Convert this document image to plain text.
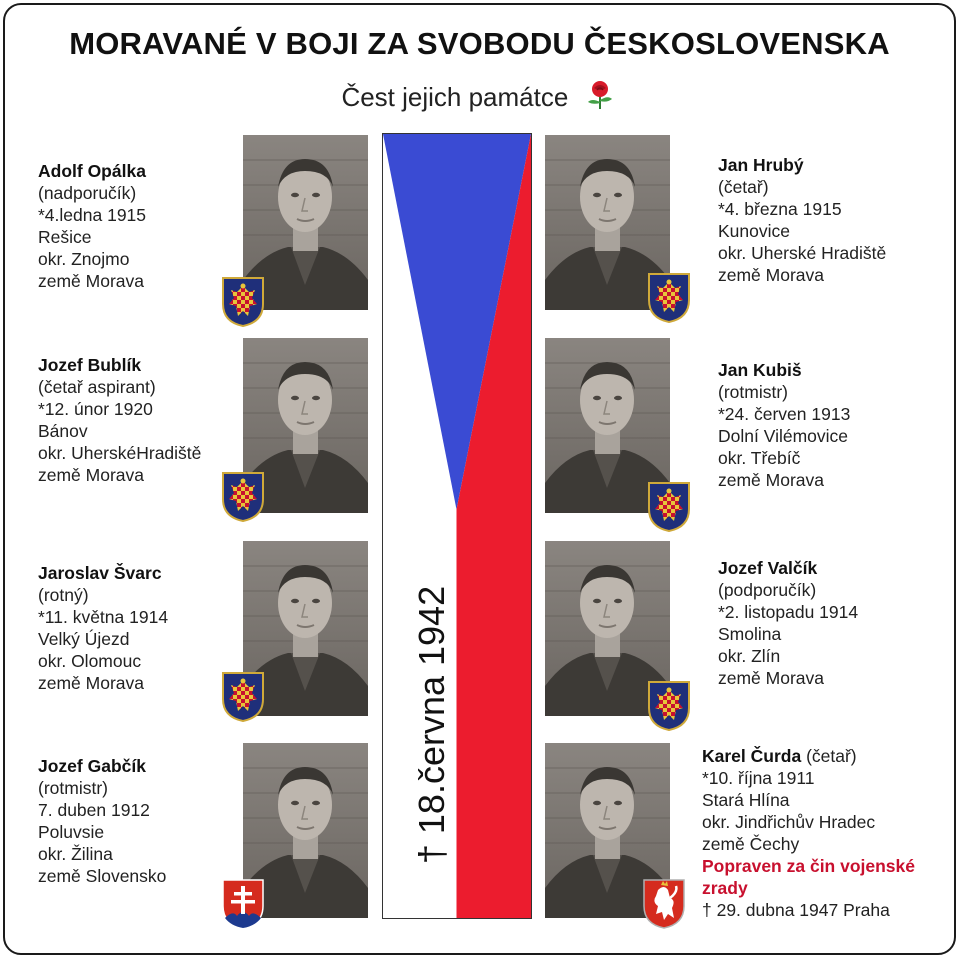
MORAVANÉ V BOJI ZA SVOBODU ČESKOSLOVENSKA
Čest jejich památce
† 18.června 1942
Adolf Opálka
(nadporučík)
*4.ledna 1915
Rešice
okr. Znojmo
země Morava
Jozef Bublík
(četař aspirant)
*12. únor 1920
Bánov
okr. UherskéHradiště
země Morava
Jaroslav Švarc
(rotný)
*11. května 1914
Velký Újezd
okr. Olomouc
země Morava
Jozef Gabčík
(rotmistr)
7. duben 1912
Poluvsie
okr. Žilina
země Slovensko
Jan Hrubý
(četař)
*4. března 1915
Kunovice
okr. Uherské Hradiště
země Morava
Jan Kubiš
(rotmistr)
*24. červen 1913
Dolní Vilémovice
okr. Třebíč
země Morava
Jozef Valčík
(podporučík)
*2. listopadu 1914
Smolina
okr. Zlín
země Morava
Karel Čurda (četař)
*10. října 1911
Stará Hlína
okr. Jindřichův Hradec
země Čechy
Popraven za čin vojenské zrady
† 29. dubna 1947 Praha
